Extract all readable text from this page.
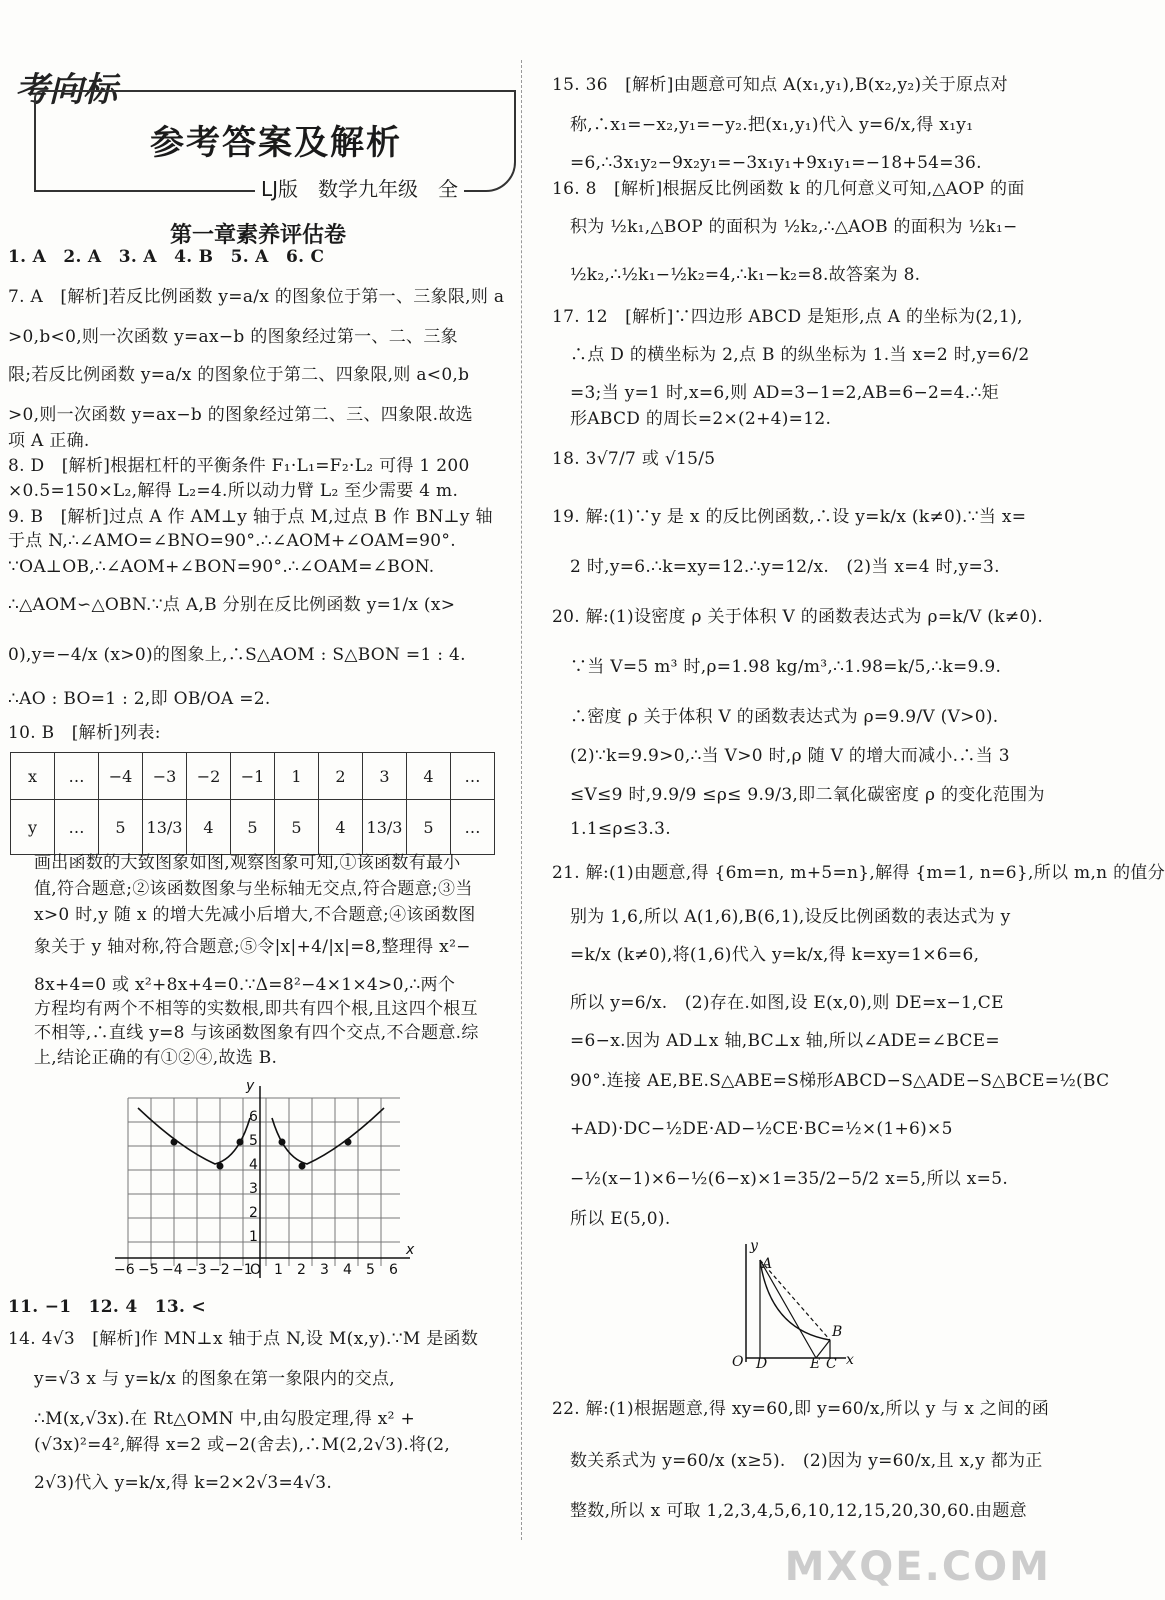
考向标
参考答案及解析
LJ版　数学九年级　全
第一章素养评估卷
1. A　2. A　3. A　4. B　5. A　6. C
7. A　[解析]若反比例函数 y=a/x 的图象位于第一、三象限,则 a
>0,b<0,则一次函数 y=ax−b 的图象经过第一、二、三象
限;若反比例函数 y=a/x 的图象位于第二、四象限,则 a<0,b
>0,则一次函数 y=ax−b 的图象经过第二、三、四象限.故选
项 A 正确.
8. D　[解析]根据杠杆的平衡条件 F₁·L₁=F₂·L₂ 可得 1 200
×0.5=150×L₂,解得 L₂=4.所以动力臂 L₂ 至少需要 4 m.
9. B　[解析]过点 A 作 AM⊥y 轴于点 M,过点 B 作 BN⊥y 轴
于点 N,∴∠AMO=∠BNO=90°.∴∠AOM+∠OAM=90°.
∵OA⊥OB,∴∠AOM+∠BON=90°.∴∠OAM=∠BON.
∴△AOM∽△OBN.∵点 A,B 分别在反比例函数 y=1/x (x>
0),y=−4/x (x>0)的图象上,∴S△AOM : S△BON =1 : 4.
∴AO : BO=1 : 2,即 OB/OA =2.
10. B　[解析]列表:
x	…	−4	−3	−2	−1	1	2	3	4	…
y	…	5	13/3	4	5	5	4	13/3	5	…
画出函数的大致图象如图,观察图象可知,①该函数有最小
值,符合题意;②该函数图象与坐标轴无交点,符合题意;③当
x>0 时,y 随 x 的增大先减小后增大,不合题意;④该函数图
象关于 y 轴对称,符合题意;⑤令|x|+4/|x|=8,整理得 x²−
8x+4=0 或 x²+8x+4=0.∵Δ=8²−4×1×4>0,∴两个
方程均有两个不相等的实数根,即共有四个根,且这四个根互
不相等,∴直线 y=8 与该函数图象有四个交点,不合题意.综
上,结论正确的有①②④,故选 B.
−6 −5 −4 −3 −2 −1
O 1 2 3 4 5 6
1
2
3
4
5
6
x
y
11. −1　12. 4　13. <
14. 4√3　[解析]作 MN⊥x 轴于点 N,设 M(x,y).∵M 是函数
y=√3 x 与 y=k/x 的图象在第一象限内的交点,
∴M(x,√3x).在 Rt△OMN 中,由勾股定理,得 x² +
(√3x)²=4²,解得 x=2 或−2(舍去),∴M(2,2√3).将(2,
2√3)代入 y=k/x,得 k=2×2√3=4√3.
15. 36　[解析]由题意可知点 A(x₁,y₁),B(x₂,y₂)关于原点对
称,∴x₁=−x₂,y₁=−y₂.把(x₁,y₁)代入 y=6/x,得 x₁y₁
=6,∴3x₁y₂−9x₂y₁=−3x₁y₁+9x₁y₁=−18+54=36.
16. 8　[解析]根据反比例函数 k 的几何意义可知,△AOP 的面
积为 ½k₁,△BOP 的面积为 ½k₂,∴△AOB 的面积为 ½k₁−
½k₂,∴½k₁−½k₂=4,∴k₁−k₂=8.故答案为 8.
17. 12　[解析]∵四边形 ABCD 是矩形,点 A 的坐标为(2,1),
∴点 D 的横坐标为 2,点 B 的纵坐标为 1.当 x=2 时,y=6/2
=3;当 y=1 时,x=6,则 AD=3−1=2,AB=6−2=4.∴矩
形ABCD 的周长=2×(2+4)=12.
18. 3√7/7 或 √15/5
19. 解:(1)∵y 是 x 的反比例函数,∴设 y=k/x (k≠0).∵当 x=
2 时,y=6.∴k=xy=12.∴y=12/x.　(2)当 x=4 时,y=3.
20. 解:(1)设密度 ρ 关于体积 V 的函数表达式为 ρ=k/V (k≠0).
∵当 V=5 m³ 时,ρ=1.98 kg/m³,∴1.98=k/5,∴k=9.9.
∴密度 ρ 关于体积 V 的函数表达式为 ρ=9.9/V (V>0).
(2)∵k=9.9>0,∴当 V>0 时,ρ 随 V 的增大而减小.∴当 3
≤V≤9 时,9.9/9 ≤ρ≤ 9.9/3,即二氧化碳密度 ρ 的变化范围为
1.1≤ρ≤3.3.
21. 解:(1)由题意,得 {6m=n, m+5=n},解得 {m=1, n=6},所以 m,n 的值分
别为 1,6,所以 A(1,6),B(6,1),设反比例函数的表达式为 y
=k/x (k≠0),将(1,6)代入 y=k/x,得 k=xy=1×6=6,
所以 y=6/x.　(2)存在.如图,设 E(x,0),则 DE=x−1,CE
=6−x.因为 AD⊥x 轴,BC⊥x 轴,所以∠ADE=∠BCE=
90°.连接 AE,BE.S△ABE=S梯形ABCD−S△ADE−S△BCE=½(BC
+AD)·DC−½DE·AD−½CE·BC=½×(1+6)×5
−½(x−1)×6−½(6−x)×1=35/2−5/2 x=5,所以 x=5.
所以 E(5,0).
y
A
B
O D	E C x
22. 解:(1)根据题意,得 xy=60,即 y=60/x,所以 y 与 x 之间的函
数关系式为 y=60/x (x≥5).　(2)因为 y=60/x,且 x,y 都为正
整数,所以 x 可取 1,2,3,4,5,6,10,12,15,20,30,60.由题意
MXQE.COM
